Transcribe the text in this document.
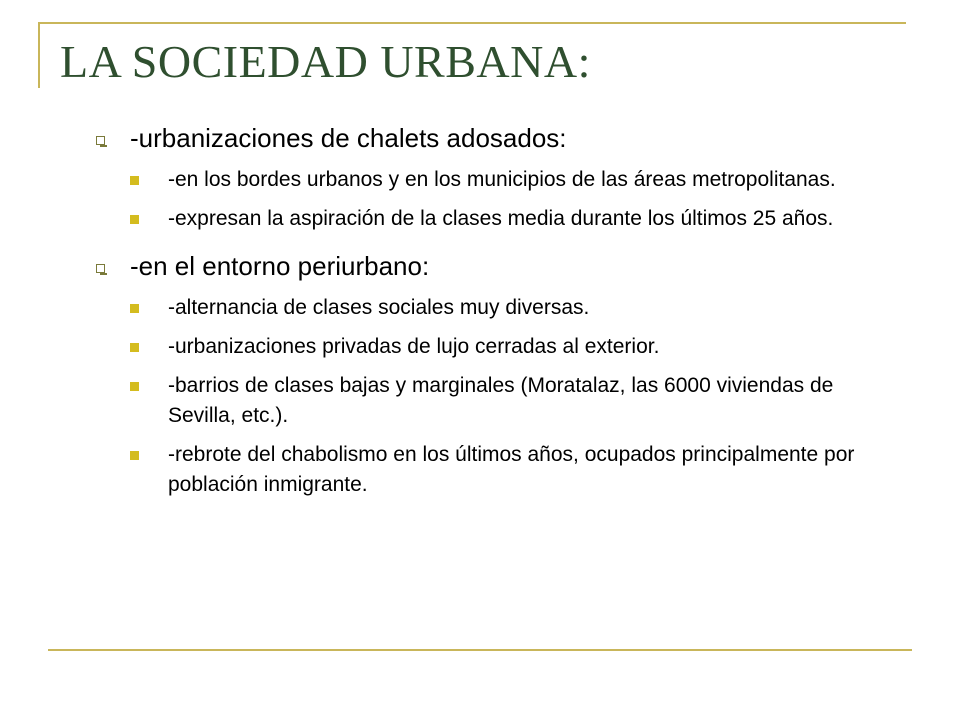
LA SOCIEDAD URBANA:
-urbanizaciones de chalets adosados:
-en los bordes urbanos y en los municipios de las áreas metropolitanas.
-expresan la aspiración de la clases media durante los últimos 25 años.
-en el entorno periurbano:
-alternancia de clases sociales muy diversas.
-urbanizaciones privadas de lujo cerradas al exterior.
-barrios de clases bajas y marginales (Moratalaz, las 6000 viviendas de Sevilla, etc.).
-rebrote del chabolismo en los últimos años, ocupados principalmente por población inmigrante.
